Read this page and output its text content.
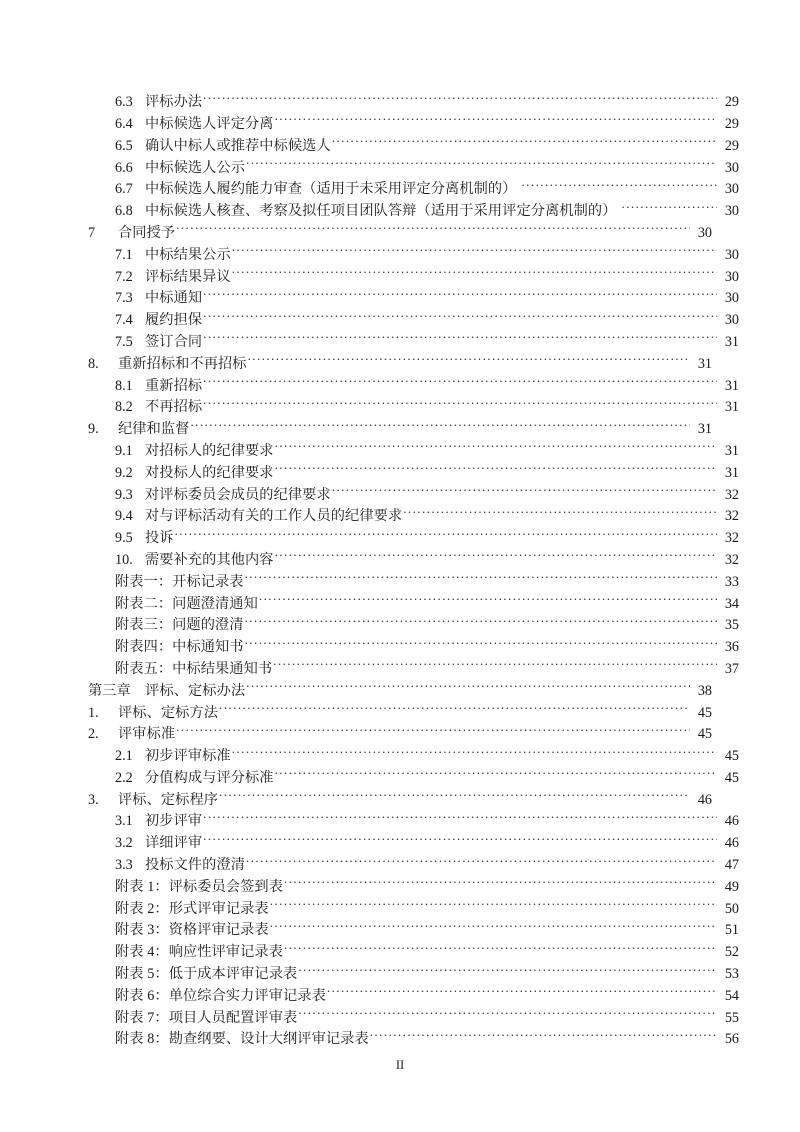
6.3 评标办法 .....	29
6.4 中标候选人评定分离 .....	29
6.5 确认中标人或推荐中标候选人 .....	29
6.6 中标候选人公示 .....	30
6.7 中标候选人履约能力审查（适用于未采用评定分离机制的） .....	30
6.8 中标候选人核查、考察及拟任项目团队答辩（适用于采用评定分离机制的） .....	30
7	合同授予 .....	30
7.1 中标结果公示 .....	30
7.2 评标结果异议 .....	30
7.3 中标通知 .....	30
7.4 履约担保 .....	30
7.5 签订合同 .....	31
8.	重新招标和不再招标 .....	31
8.1 重新招标 .....	31
8.2 不再招标 .....	31
9.	纪律和监督 .....	31
9.1 对招标人的纪律要求 .....	31
9.2 对投标人的纪律要求 .....	31
9.3 对评标委员会成员的纪律要求 .....	32
9.4 对与评标活动有关的工作人员的纪律要求 .....	32
9.5 投诉 .....	32
10. 需要补充的其他内容 .....	32
附表一：开标记录表 .....	33
附表二：问题澄清通知 .....	34
附表三：问题的澄清 .....	35
附表四：中标通知书 .....	36
附表五：中标结果通知书 .....	37
第三章　评标、定标办法 .....	38
1.	评标、定标方法 .....	45
2.	评审标准 .....	45
2.1 初步评审标准 .....	45
2.2 分值构成与评分标准 .....	45
3.	评标、定标程序 .....	46
3.1 初步评审 .....	46
3.2 详细评审 .....	46
3.3 投标文件的澄清 .....	47
附表 1：评标委员会签到表 .....	49
附表 2：形式评审记录表 .....	50
附表 3：资格评审记录表 .....	51
附表 4：响应性评审记录表 .....	52
附表 5：低于成本评审记录表 .....	53
附表 6：单位综合实力评审记录表 .....	54
附表 7：项目人员配置评审表 .....	55
附表 8：勘查纲要、设计大纲评审记录表 .....	56
II
